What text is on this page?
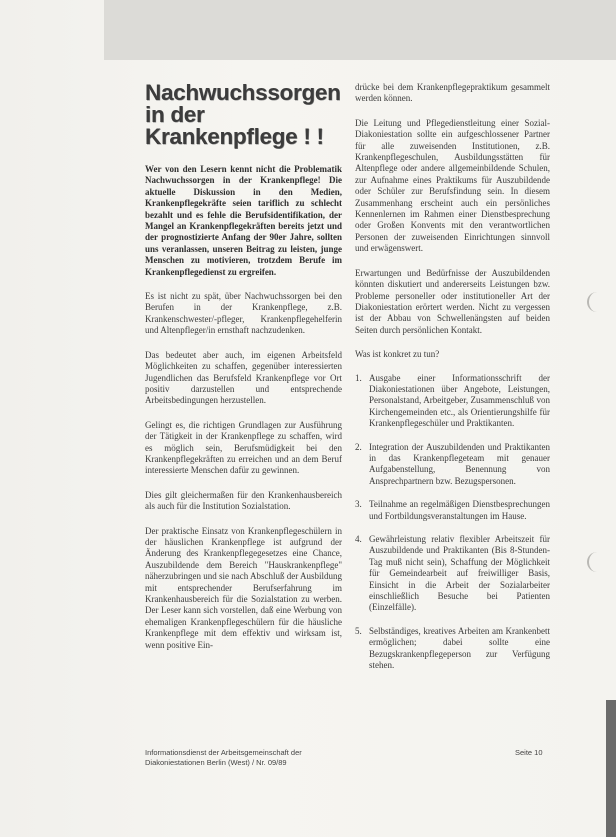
Nachwuchssorgen in der Krankenpflege ! !

Wer von den Lesern kennt nicht die Problematik Nachwuchssorgen in der Krankenpflege! Die aktuelle Diskussion in den Medien, Krankenpflegekräfte seien tariflich zu schlecht bezahlt und es fehle die Berufsidentifikation, der Mangel an Krankenpflegekräften bereits jetzt und der prognostizierte Anfang der 90er Jahre, sollten uns veranlassen, unseren Beitrag zu leisten, junge Menschen zu motivieren, trotzdem Berufe im Krankenpflegedienst zu ergreifen.

Es ist nicht zu spät, über Nachwuchssorgen bei den Berufen in der Krankenpflege, z.B. Krankenschwester/-pfleger, Krankenpflegehelferin und Altenpfleger/in ernsthaft nachzudenken.

Das bedeutet aber auch, im eigenen Arbeitsfeld Möglichkeiten zu schaffen, gegenüber interessierten Jugendlichen das Berufsfeld Krankenpflege vor Ort positiv darzustellen und entsprechende Arbeitsbedingungen herzustellen.

Gelingt es, die richtigen Grundlagen zur Ausführung der Tätigkeit in der Krankenpflege zu schaffen, wird es möglich sein, Berufsmüdigkeit bei den Krankenpflegekräften zu erreichen und an dem Beruf interessierte Menschen dafür zu gewinnen.

Dies gilt gleichermaßen für den Krankenhausbereich als auch für die Institution Sozialstation.

Der praktische Einsatz von Krankenpflegeschülern in der häuslichen Krankenpflege ist aufgrund der Änderung des Krankenpflegegesetzes eine Chance, Auszubildende dem Bereich "Hauskrankenpflege" näherzubringen und sie nach Abschluß der Ausbildung mit entsprechender Berufserfahrung im Krankenhausbereich für die Sozialstation zu werben. Der Leser kann sich vorstellen, daß eine Werbung von ehemaligen Krankenpflegeschülern für die häusliche Krankenpflege mit dem effektiv und wirksam ist, wenn positive Ein-

drücke bei dem Krankenpflegepraktikum gesammelt werden können.

Die Leitung und Pflegedienstleitung einer Sozial-Diakoniestation sollte ein aufgeschlossener Partner für alle zuweisenden Institutionen, z.B. Krankenpflegeschulen, Ausbildungsstätten für Altenpflege oder andere allgemeinbildende Schulen, zur Aufnahme eines Praktikums für Auszubildende oder Schüler zur Berufsfindung sein. In diesem Zusammenhang erscheint auch ein persönliches Kennenlernen im Rahmen einer Dienstbesprechung oder Großen Konvents mit den verantwortlichen Personen der zuweisenden Einrichtungen sinnvoll und erwägenswert.

Erwartungen und Bedürfnisse der Auszubildenden könnten diskutiert und andererseits Leistungen bzw. Probleme personeller oder institutioneller Art der Diakoniestation erörtert werden. Nicht zu vergessen ist der Abbau von Schwellenängsten auf beiden Seiten durch persönlichen Kontakt.

Was ist konkret zu tun?

1. Ausgabe einer Informationsschrift der Diakoniestationen über Angebote, Leistungen, Personalstand, Arbeitgeber, Zusammenschluß von Kirchengemeinden etc., als Orientierungshilfe für Krankenpflegeschüler und Praktikanten.
2. Integration der Auszubildenden und Praktikanten in das Krankenpflegeteam mit genauer Aufgabenstellung, Benennung von Ansprechpartnern bzw. Bezugspersonen.
3. Teilnahme an regelmäßigen Dienstbesprechungen und Fortbildungsveranstaltungen im Hause.
4. Gewährleistung relativ flexibler Arbeitszeit für Auszubildende und Praktikanten (Bis 8-Stunden-Tag muß nicht sein), Schaffung der Möglichkeit für Gemeindearbeit auf freiwilliger Basis, Einsicht in die Arbeit der Sozialarbeiter einschließlich Besuche bei Patienten (Einzelfälle).
5. Selbständiges, kreatives Arbeiten am Krankenbett ermöglichen; dabei sollte eine Bezugskrankenpflegeperson zur Verfügung stehen.
Informationsdienst der Arbeitsgemeinschaft der Diakoniestationen Berlin (West) / Nr. 09/89
Seite 10
